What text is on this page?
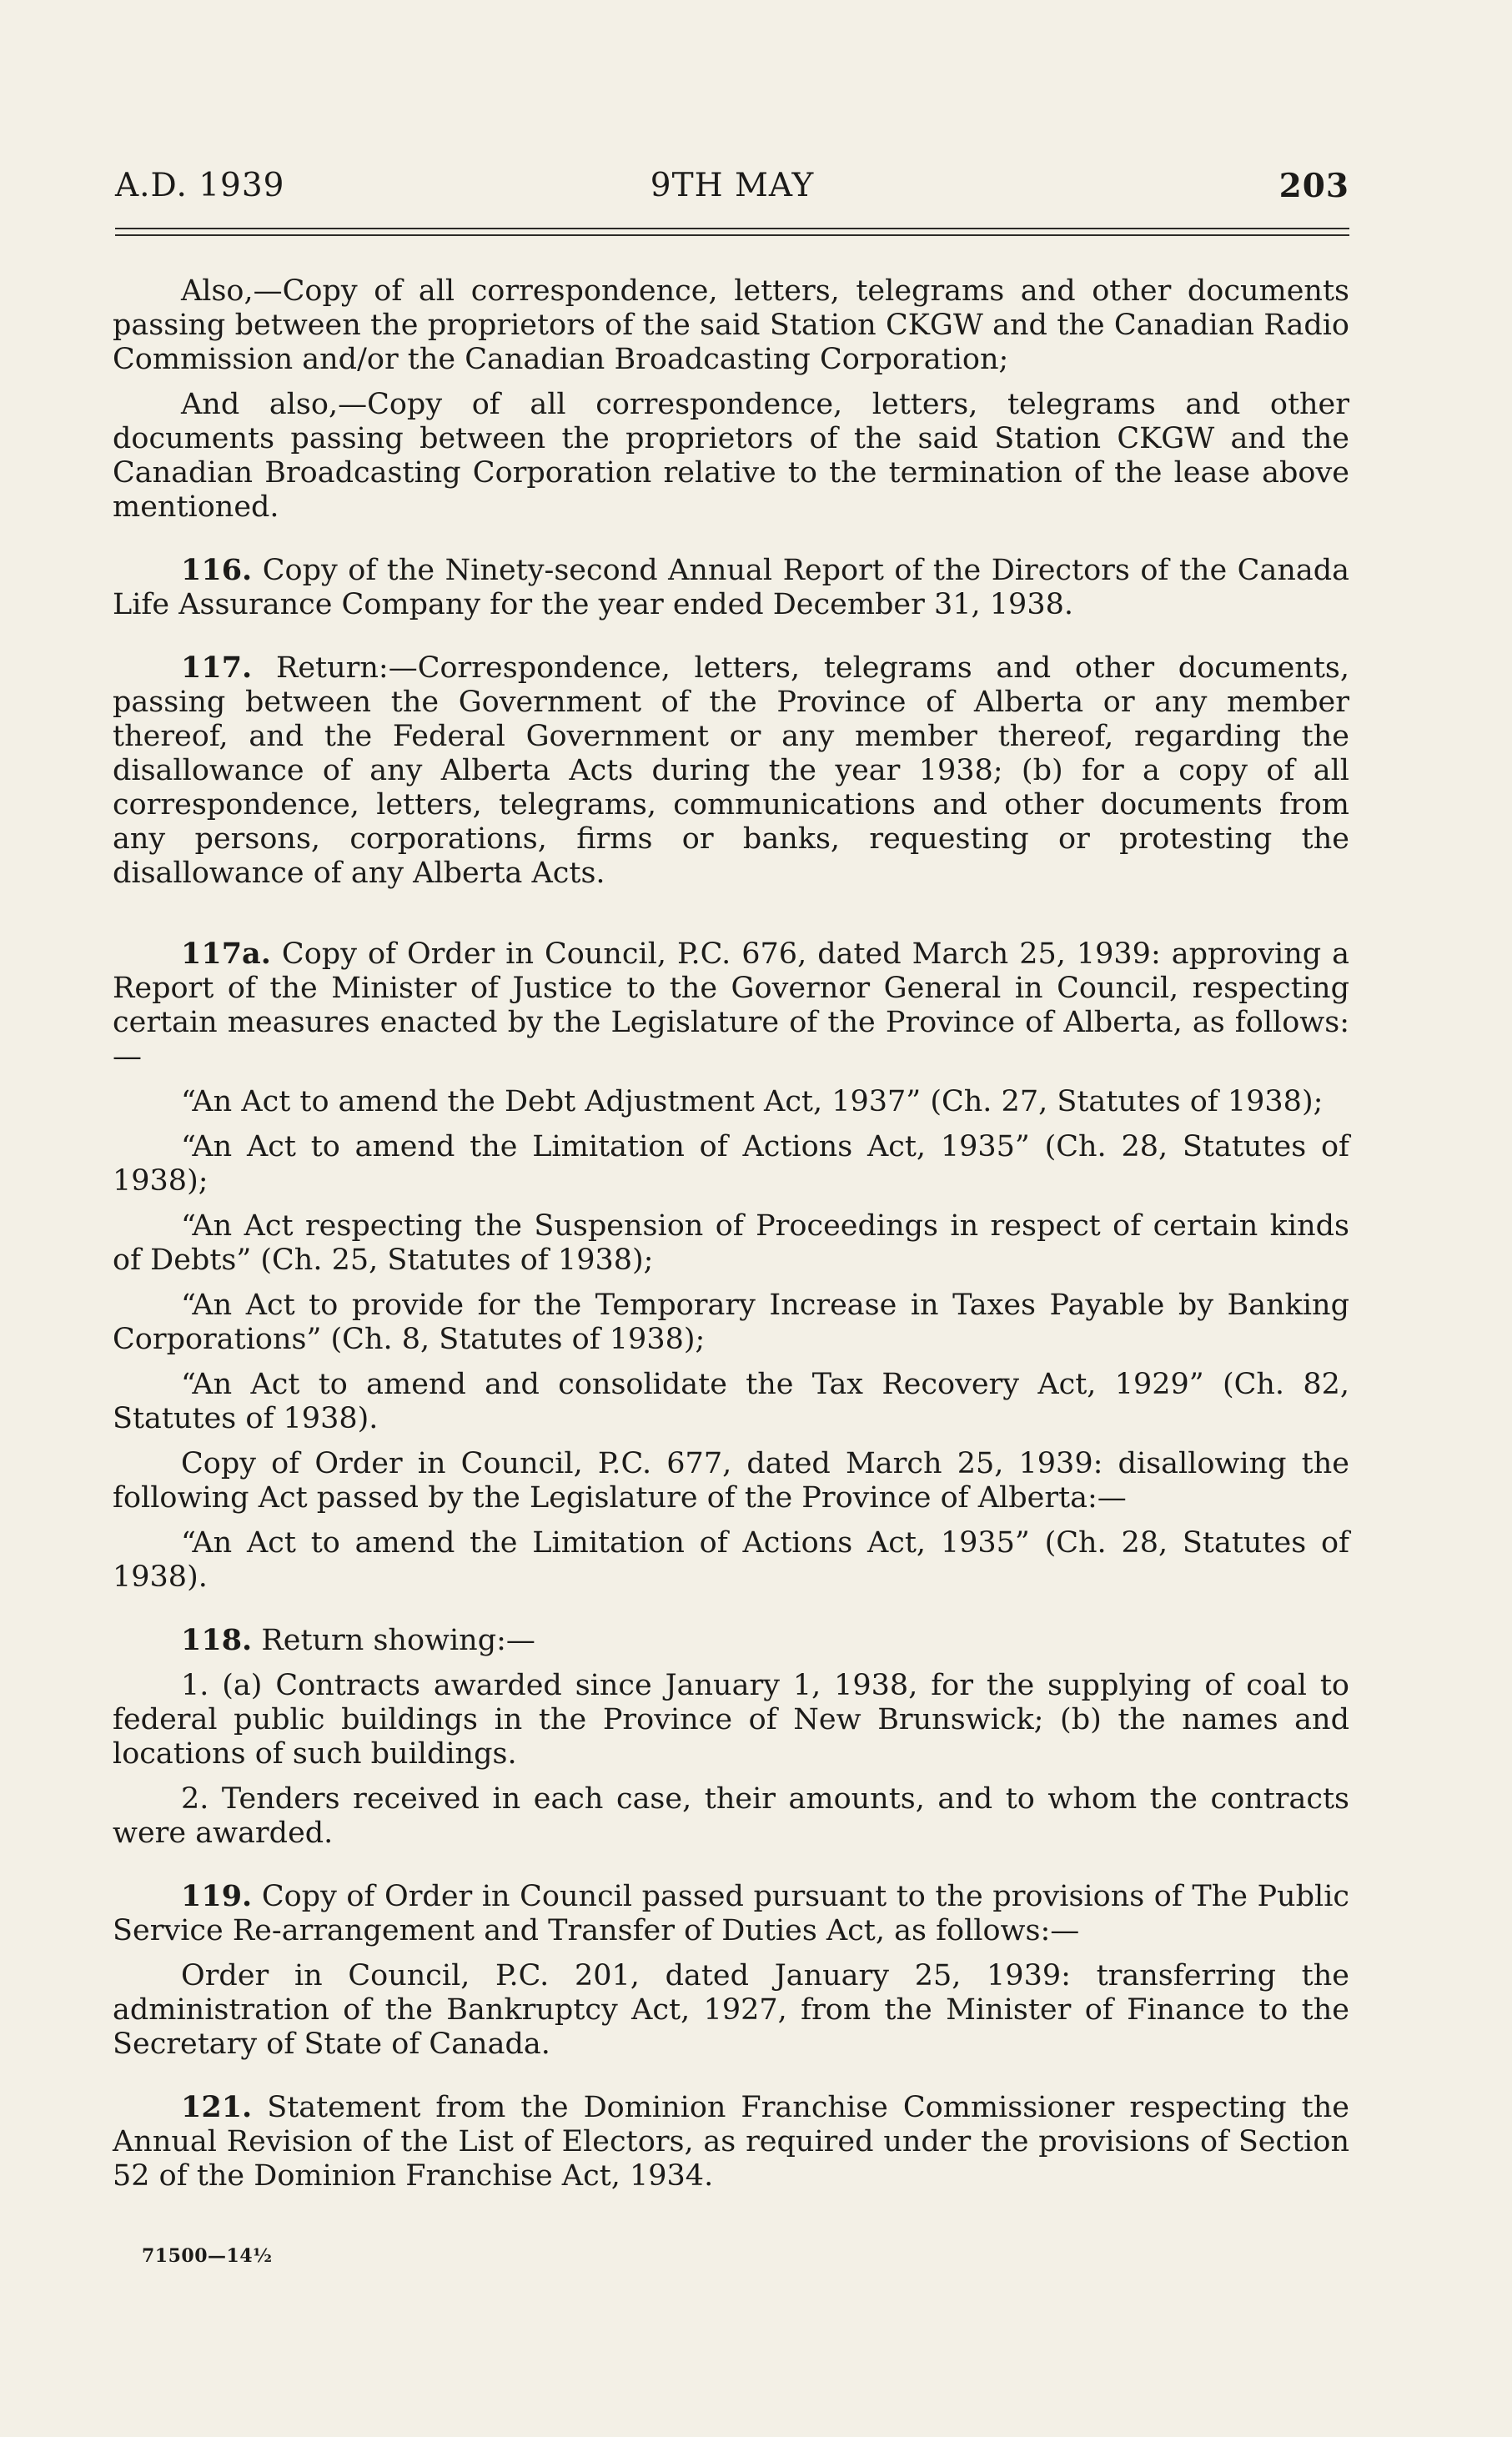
A.D. 1939	9TH MAY	203

Also,—Copy of all correspondence, letters, telegrams and other documents passing between the proprietors of the said Station CKGW and the Canadian Radio Commission and/or the Canadian Broadcasting Corporation;

And also,—Copy of all correspondence, letters, telegrams and other documents passing between the proprietors of the said Station CKGW and the Canadian Broadcasting Corporation relative to the termination of the lease above mentioned.

116. Copy of the Ninety-second Annual Report of the Directors of the Canada Life Assurance Company for the year ended December 31, 1938.

117. Return:—Correspondence, letters, telegrams and other documents, passing between the Government of the Province of Alberta or any member thereof, and the Federal Government or any member thereof, regarding the disallowance of any Alberta Acts during the year 1938; (b) for a copy of all correspondence, letters, telegrams, communications and other documents from any persons, corporations, firms or banks, requesting or protesting the disallowance of any Alberta Acts.

117a. Copy of Order in Council, P.C. 676, dated March 25, 1939: approving a Report of the Minister of Justice to the Governor General in Council, respecting certain measures enacted by the Legislature of the Province of Alberta, as follows:—

“An Act to amend the Debt Adjustment Act, 1937” (Ch. 27, Statutes of 1938);

“An Act to amend the Limitation of Actions Act, 1935” (Ch. 28, Statutes of 1938);

“An Act respecting the Suspension of Proceedings in respect of certain kinds of Debts” (Ch. 25, Statutes of 1938);

“An Act to provide for the Temporary Increase in Taxes Payable by Banking Corporations” (Ch. 8, Statutes of 1938);

“An Act to amend and consolidate the Tax Recovery Act, 1929” (Ch. 82, Statutes of 1938).

Copy of Order in Council, P.C. 677, dated March 25, 1939: disallowing the following Act passed by the Legislature of the Province of Alberta:—

“An Act to amend the Limitation of Actions Act, 1935” (Ch. 28, Statutes of 1938).

118. Return showing:—

1. (a) Contracts awarded since January 1, 1938, for the supplying of coal to federal public buildings in the Province of New Brunswick; (b) the names and locations of such buildings.

2. Tenders received in each case, their amounts, and to whom the contracts were awarded.

119. Copy of Order in Council passed pursuant to the provisions of The Public Service Re-arrangement and Transfer of Duties Act, as follows:—

Order in Council, P.C. 201, dated January 25, 1939: transferring the administration of the Bankruptcy Act, 1927, from the Minister of Finance to the Secretary of State of Canada.

121. Statement from the Dominion Franchise Commissioner respecting the Annual Revision of the List of Electors, as required under the provisions of Section 52 of the Dominion Franchise Act, 1934.

71500—14½
